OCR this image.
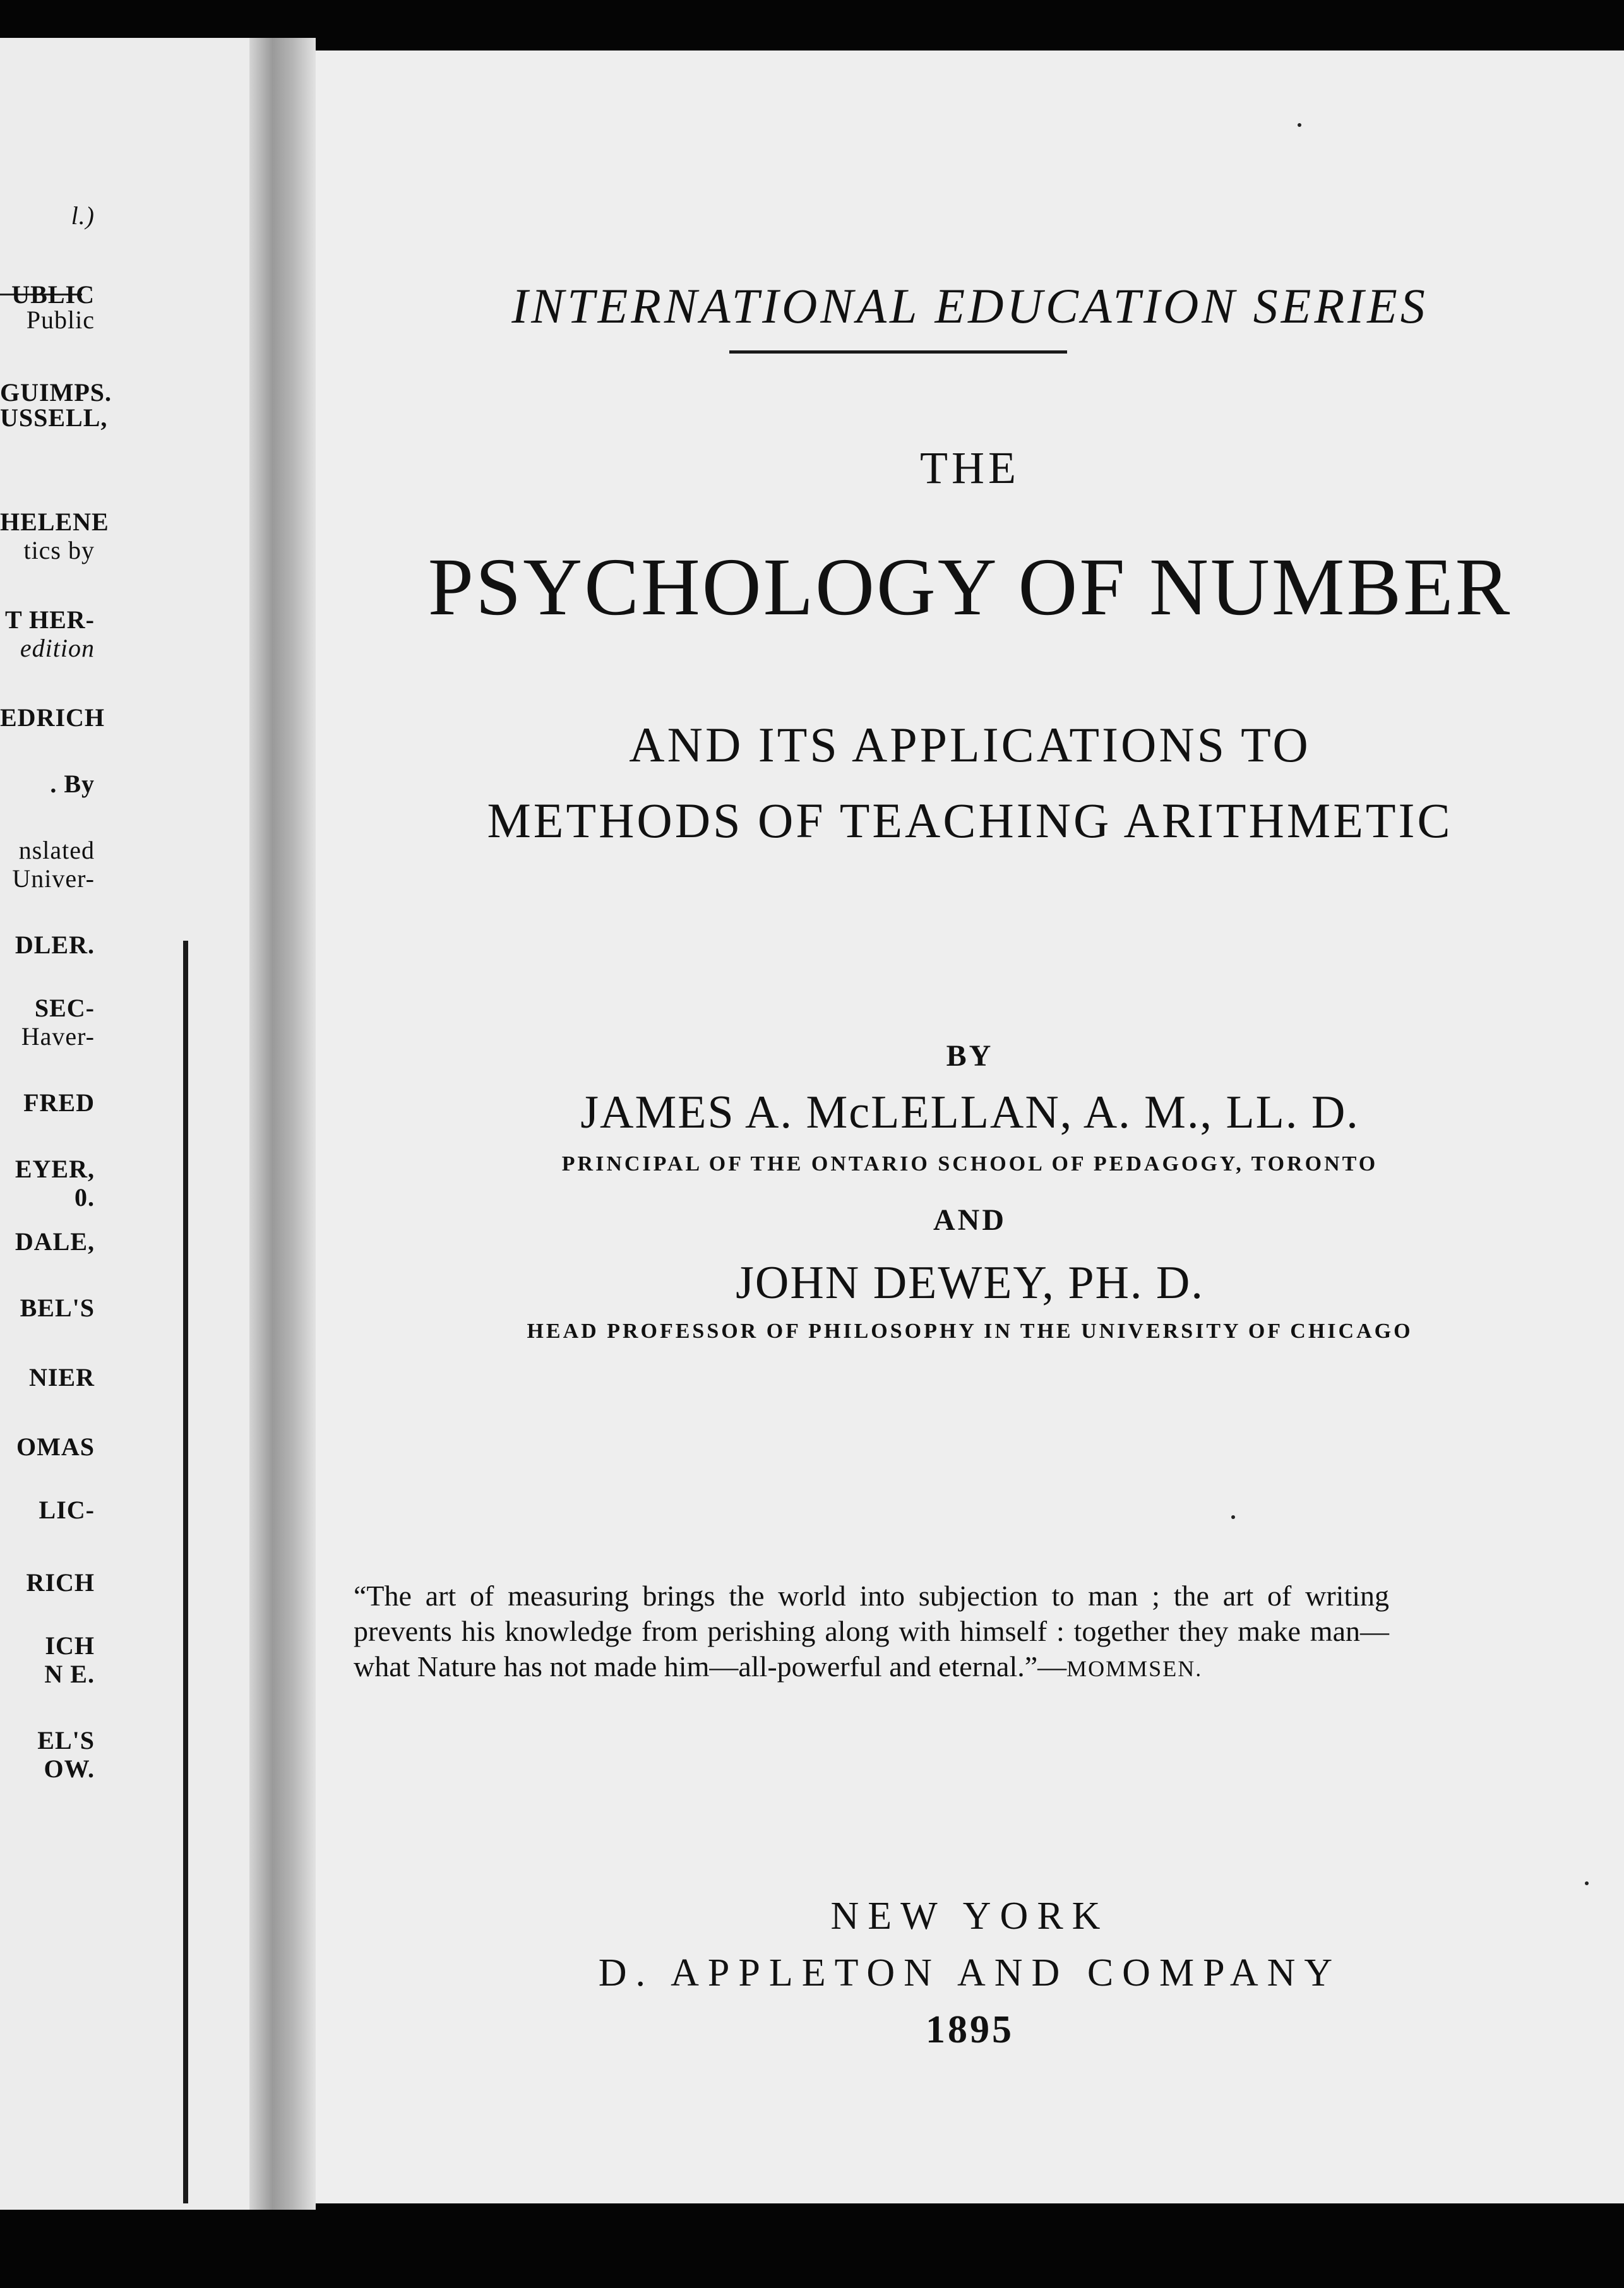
l.)
UBLIC
Public
GUIMPS.
USSELL,
HELENE
tics by
T HER-
edition
EDRICH
. By
nslated
Univer-
DLER.
SEC-
Haver-
FRED
EYER,
0.
DALE,
BEL'S
NIER
OMAS
LIC-
RICH
ICH
N E.
EL'S
OW.
INTERNATIONAL EDUCATION SERIES
THE
PSYCHOLOGY OF NUMBER
AND ITS APPLICATIONS TO
METHODS OF TEACHING ARITHMETIC
BY
JAMES A. McLELLAN, A. M., LL. D.
PRINCIPAL OF THE ONTARIO SCHOOL OF PEDAGOGY, TORONTO
AND
JOHN DEWEY, PH. D.
HEAD PROFESSOR OF PHILOSOPHY IN THE UNIVERSITY OF CHICAGO
“The art of measuring brings the world into subjection to man ; the art of writing prevents his knowledge from perishing along with himself : together they make man—what Nature has not made him—all-powerful and eternal.”—MOMMSEN.
NEW YORK
D. APPLETON AND COMPANY
1895
